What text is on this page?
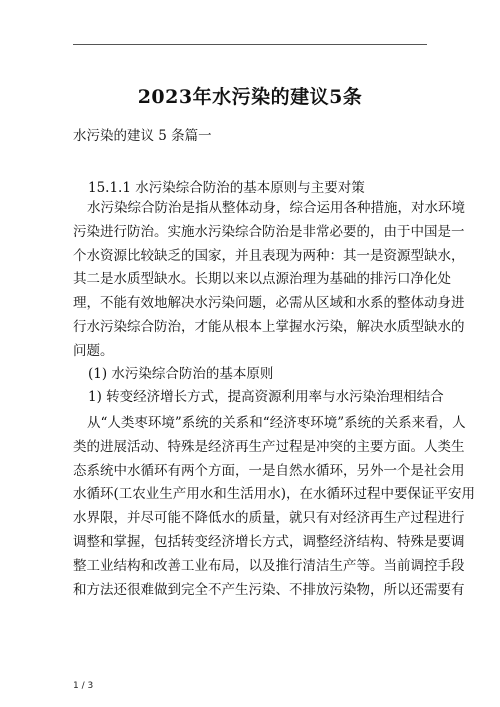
2023年水污染的建议5条
水污染的建议 5 条篇一
15.1.1 水污染综合防治的基本原则与主要对策
水污染综合防治是指从整体动身，综合运用各种措施，对水环境
污染进行防治。实施水污染综合防治是非常必要的，由于中国是一
个水资源比较缺乏的国家，并且表现为两种：其一是资源型缺水，
其二是水质型缺水。长期以来以点源治理为基础的排污口净化处
理，不能有效地解决水污染问题，必需从区域和水系的整体动身进
行水污染综合防治，才能从根本上掌握水污染，解决水质型缺水的
问题。
(1) 水污染综合防治的基本原则
1) 转变经济增长方式，提高资源利用率与水污染治理相结合
从“人类枣环境”系统的关系和“经济枣环境”系统的关系来看，人
类的进展活动、特殊是经济再生产过程是冲突的主要方面。人类生
态系统中水循环有两个方面，一是自然水循环，另外一个是社会用
水循环(工农业生产用水和生活用水)，在水循环过程中要保证平安用
水界限，并尽可能不降低水的质量，就只有对经济再生产过程进行
调整和掌握，包括转变经济增长方式，调整经济结构、特殊是要调
整工业结构和改善工业布局，以及推行清洁生产等。当前调控手段
和方法还很难做到完全不产生污染、不排放污染物，所以还需要有
1 / 3
